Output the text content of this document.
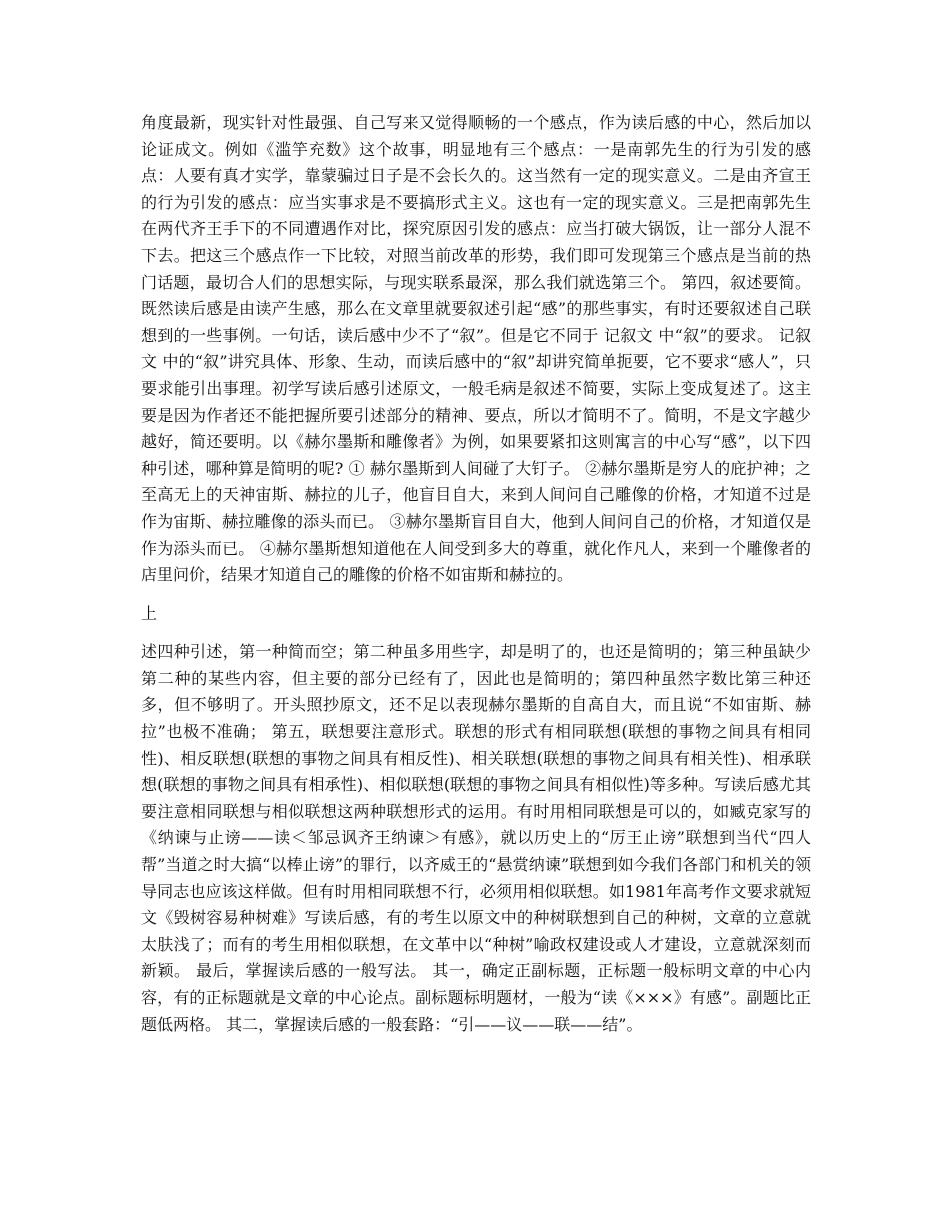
角度最新，现实针对性最强、自己写来又觉得顺畅的一个感点，作为读后感的中心，然后加以论证成文。例如《滥竽充数》这个故事，明显地有三个感点：一是南郭先生的行为引发的感点：人要有真才实学，靠蒙骗过日子是不会长久的。这当然有一定的现实意义。二是由齐宣王的行为引发的感点：应当实事求是不要搞形式主义。这也有一定的现实意义。三是把南郭先生在两代齐王手下的不同遭遇作对比，探究原因引发的感点：应当打破大锅饭，让一部分人混不下去。把这三个感点作一下比较，对照当前改革的形势，我们即可发现第三个感点是当前的热门话题，最切合人们的思想实际，与现实联系最深，那么我们就选第三个。 第四，叙述要简。既然读后感是由读产生感，那么在文章里就要叙述引起“感”的那些事实，有时还要叙述自己联想到的一些事例。一句话，读后感中少不了“叙”。但是它不同于 记叙文 中“叙”的要求。 记叙文 中的“叙”讲究具体、形象、生动，而读后感中的“叙”却讲究简单扼要，它不要求“感人”，只要求能引出事理。初学写读后感引述原文，一般毛病是叙述不简要，实际上变成复述了。这主要是因为作者还不能把握所要引述部分的精神、要点，所以才简明不了。简明，不是文字越少越好，简还要明。以《赫尔墨斯和雕像者》为例，如果要紧扣这则寓言的中心写“感”，以下四种引述，哪种算是简明的呢? ① 赫尔墨斯到人间碰了大钉子。 ②赫尔墨斯是穷人的庇护神；之至高无上的天神宙斯、赫拉的儿子，他盲目自大，来到人间问自己雕像的价格，才知道不过是作为宙斯、赫拉雕像的添头而已。 ③赫尔墨斯盲目自大，他到人间问自己的价格，才知道仅是作为添头而已。 ④赫尔墨斯想知道他在人间受到多大的尊重，就化作凡人，来到一个雕像者的店里问价，结果才知道自己的雕像的价格不如宙斯和赫拉的。

上

述四种引述，第一种简而空；第二种虽多用些字，却是明了的，也还是简明的；第三种虽缺少第二种的某些内容，但主要的部分已经有了，因此也是简明的；第四种虽然字数比第三种还多，但不够明了。开头照抄原文，还不足以表现赫尔墨斯的自高自大，而且说“不如宙斯、赫拉”也极不准确； 第五，联想要注意形式。联想的形式有相同联想(联想的事物之间具有相同性)、相反联想(联想的事物之间具有相反性)、相关联想(联想的事物之间具有相关性)、相承联想(联想的事物之间具有相承性)、相似联想(联想的事物之间具有相似性)等多种。写读后感尤其要注意相同联想与相似联想这两种联想形式的运用。有时用相同联想是可以的，如臧克家写的《纳谏与止谤——读＜邹忌讽齐王纳谏＞有感》，就以历史上的“厉王止谤”联想到当代“四人帮”当道之时大搞“以棒止谤”的罪行，以齐威王的“悬赏纳谏”联想到如今我们各部门和机关的领导同志也应该这样做。但有时用相同联想不行，必须用相似联想。如1981年高考作文要求就短文《毁树容易种树难》写读后感，有的考生以原文中的种树联想到自己的种树，文章的立意就太肤浅了；而有的考生用相似联想，在文革中以“种树”喻政权建设或人才建设，立意就深刻而新颖。 最后，掌握读后感的一般写法。 其一，确定正副标题，正标题一般标明文章的中心内容，有的正标题就是文章的中心论点。副标题标明题材，一般为“读《×××》有感”。副题比正题低两格。 其二，掌握读后感的一般套路：“引——议——联——结”。
